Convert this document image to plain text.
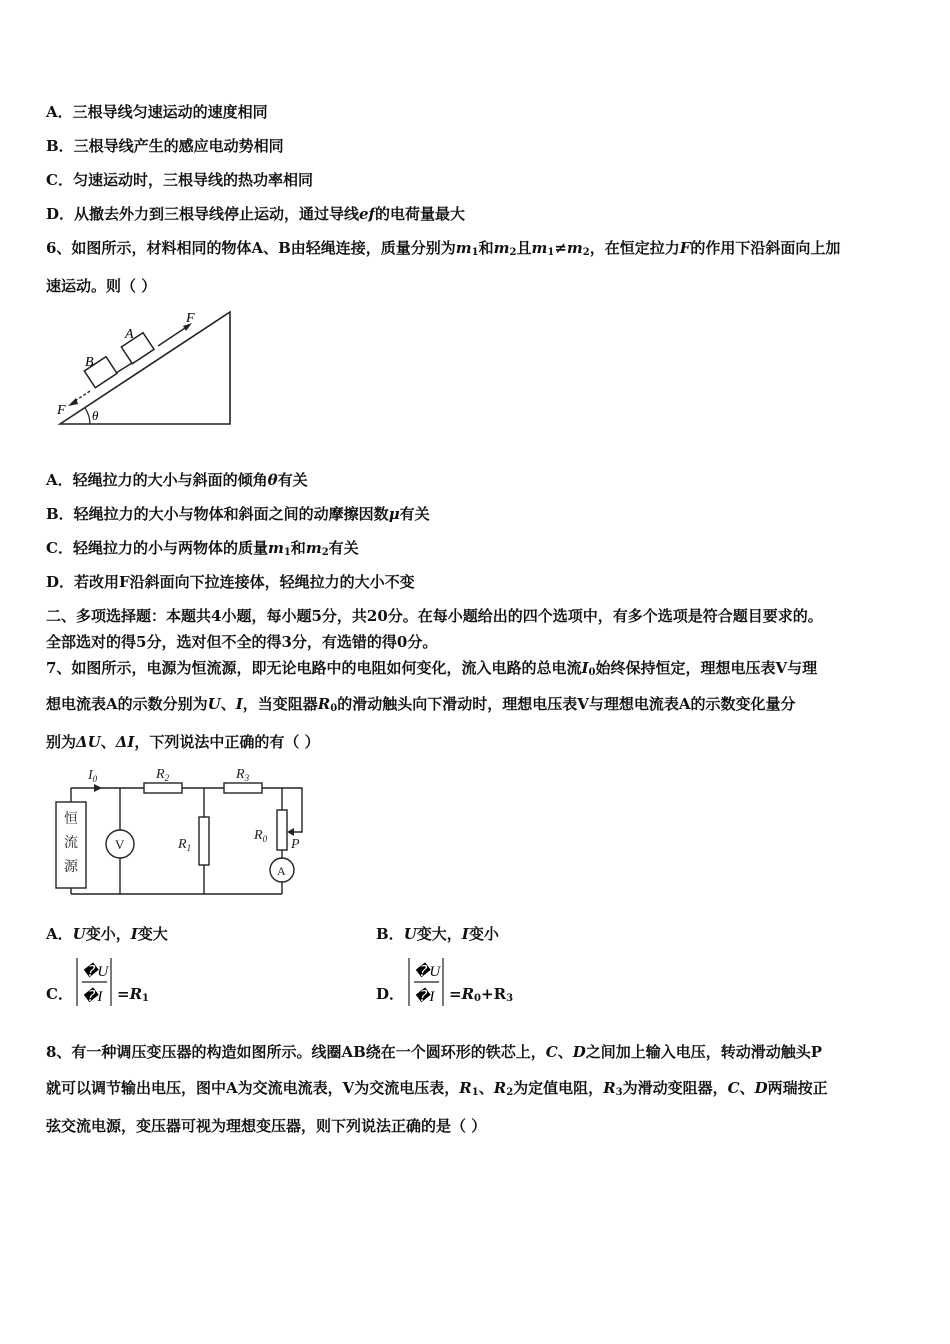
A．三根导线匀速运动的速度相同
B．三根导线产生的感应电动势相同
C．匀速运动时，三根导线的热功率相同
D．从撤去外力到三根导线停止运动，通过导线ef的电荷量最大
6、如图所示，材料相同的物体A、B由轻绳连接，质量分别为$m_1$和$m_2$且$m_1\ne m_2$，在恒定拉力F的作用下沿斜面向上加
速运动。则（ ）
A
B
F
F θ
A．轻绳拉力的大小与斜面的倾角θ有关
B．轻绳拉力的大小与物体和斜面之间的动摩擦因数μ有关
C．轻绳拉力的小与两物体的质量$m_1$和$m_2$有关
D．若改用F沿斜面向下拉连接体，轻绳拉力的大小不变
二、多项选择题：本题共4小题，每小题5分，共20分。在每小题给出的四个选项中，有多个选项是符合题目要求的。
全部选对的得5分，选对但不全的得3分，有选错的得0分。
7、如图所示，电源为恒流源，即无论电路中的电阻如何变化，流入电路的总电流$I_0$始终保持恒定，理想电压表V与理
想电流表A的示数分别为U、I，当变阻器$R_0$的滑动触头向下滑动时，理想电压表V与理想电流表A的示数变化量分
别为ΔU、ΔI，下列说法中正确的有（ ）
$I_0$	$R_2$	$R_3$
$R_1$
$R_0$ P
恒
流
源
V
A
A．U变小，I变大	B．U变大，I变小
C．
�U
�I $=R_1$	D．
�U
�I $=R_0+R_3$
8、有一种调压变压器的构造如图所示。线圈AB绕在一个圆环形的铁芯上，C、D之间加上输入电压，转动滑动触头P
就可以调节输出电压，图中A为交流电流表，V为交流电压表，$R_1$、$R_2$为定值电阻，$R_3$为滑动变阻器，C、D两瑞按正
弦交流电源，变压器可视为理想变压器，则下列说法正确的是（ ）
